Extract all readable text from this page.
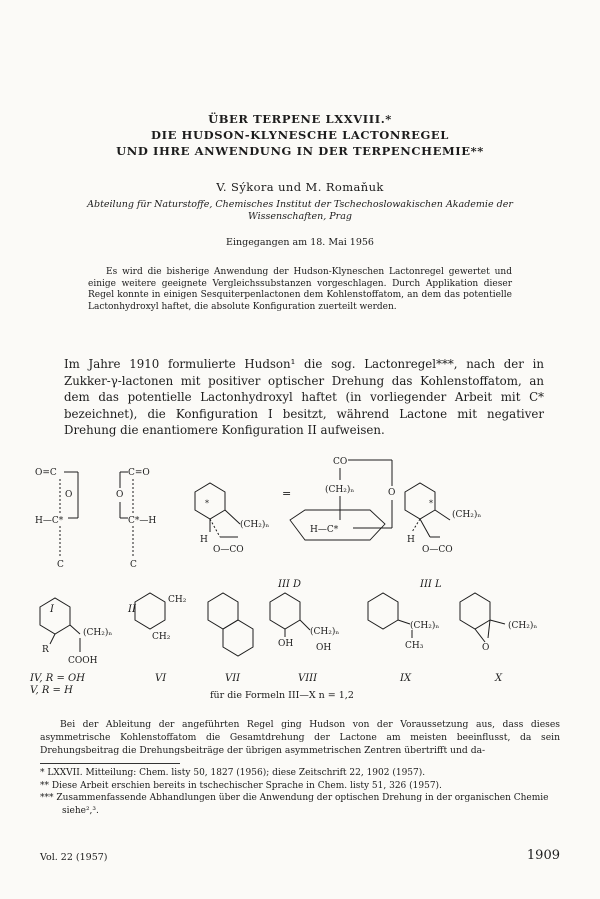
ÜBER TERPENE LXXVIII.*
DIE HUDSON-KLYNESCHE LACTONREGEL
UND IHRE ANWENDUNG IN DER TERPENCHEMIE**
V. Sýkora und M. Romaňuk
Abteilung für Naturstoffe, Chemisches Institut der Tschechoslowakischen Akademie der Wissenschaften, Prag
Eingegangen am 18. Mai 1956
Es wird die bisherige Anwendung der Hudson-Klyneschen Lactonregel gewertet und einige weitere geeignete Vergleichssubstanzen vorgeschlagen. Durch Applikation dieser Regel konnte in einigen Sesquiterpenlactonen dem Kohlenstoffatom, an dem das potentielle Lactonhydroxyl haftet, die absolute Konfiguration zuerteilt werden.
Im Jahre 1910 formulierte Hudson¹ die sog. Lactonregel***, nach der in Zukker-γ-lactonen mit positiver optischer Drehung das Kohlenstoffatom, an dem das potentielle Lactonhydroxyl haftet (in vorliegender Arbeit mit C* bezeichnet), die Konfiguration I besitzt, während Lactone mit negativer Drehung die enantiomere Konfiguration II aufweisen.
O=C
O
H—C*
C
I
C=O
O
C*—H
C
II
*
(CH₂)ₙ
H
O—CO
=
III D
CO
(CH₂)ₙ	O
H—C*
*
(CH₂)ₙ
H
O—CO
III L
(CH₂)ₙ
R
COOH
IV, R = OH
V, R = H
CH₂
CH₂
VI	VII
(CH₂)ₙ
OH	OH
VIII
(CH₂)ₙ
CH₃
IX
(CH₂)ₙ
O
X
für die Formeln III—X n = 1,2
Bei der Ableitung der angeführten Regel ging Hudson von der Voraussetzung aus, dass dieses asymmetrische Kohlenstoffatom die Gesamtdrehung der Lactone am meisten beeinflusst, da sein Drehungsbeitrag die Drehungsbeiträge der übrigen asymmetrischen Zentren übertrifft und da-
* LXXVII. Mitteilung: Chem. listy 50, 1827 (1956); diese Zeitschrift 22, 1902 (1957).
** Diese Arbeit erschien bereits in tschechischer Sprache in Chem. listy 51, 326 (1957).
*** Zusammenfassende Abhandlungen über die Anwendung der optischen Drehung in der organischen Chemie siehe²,³.
Vol. 22 (1957)	1909
